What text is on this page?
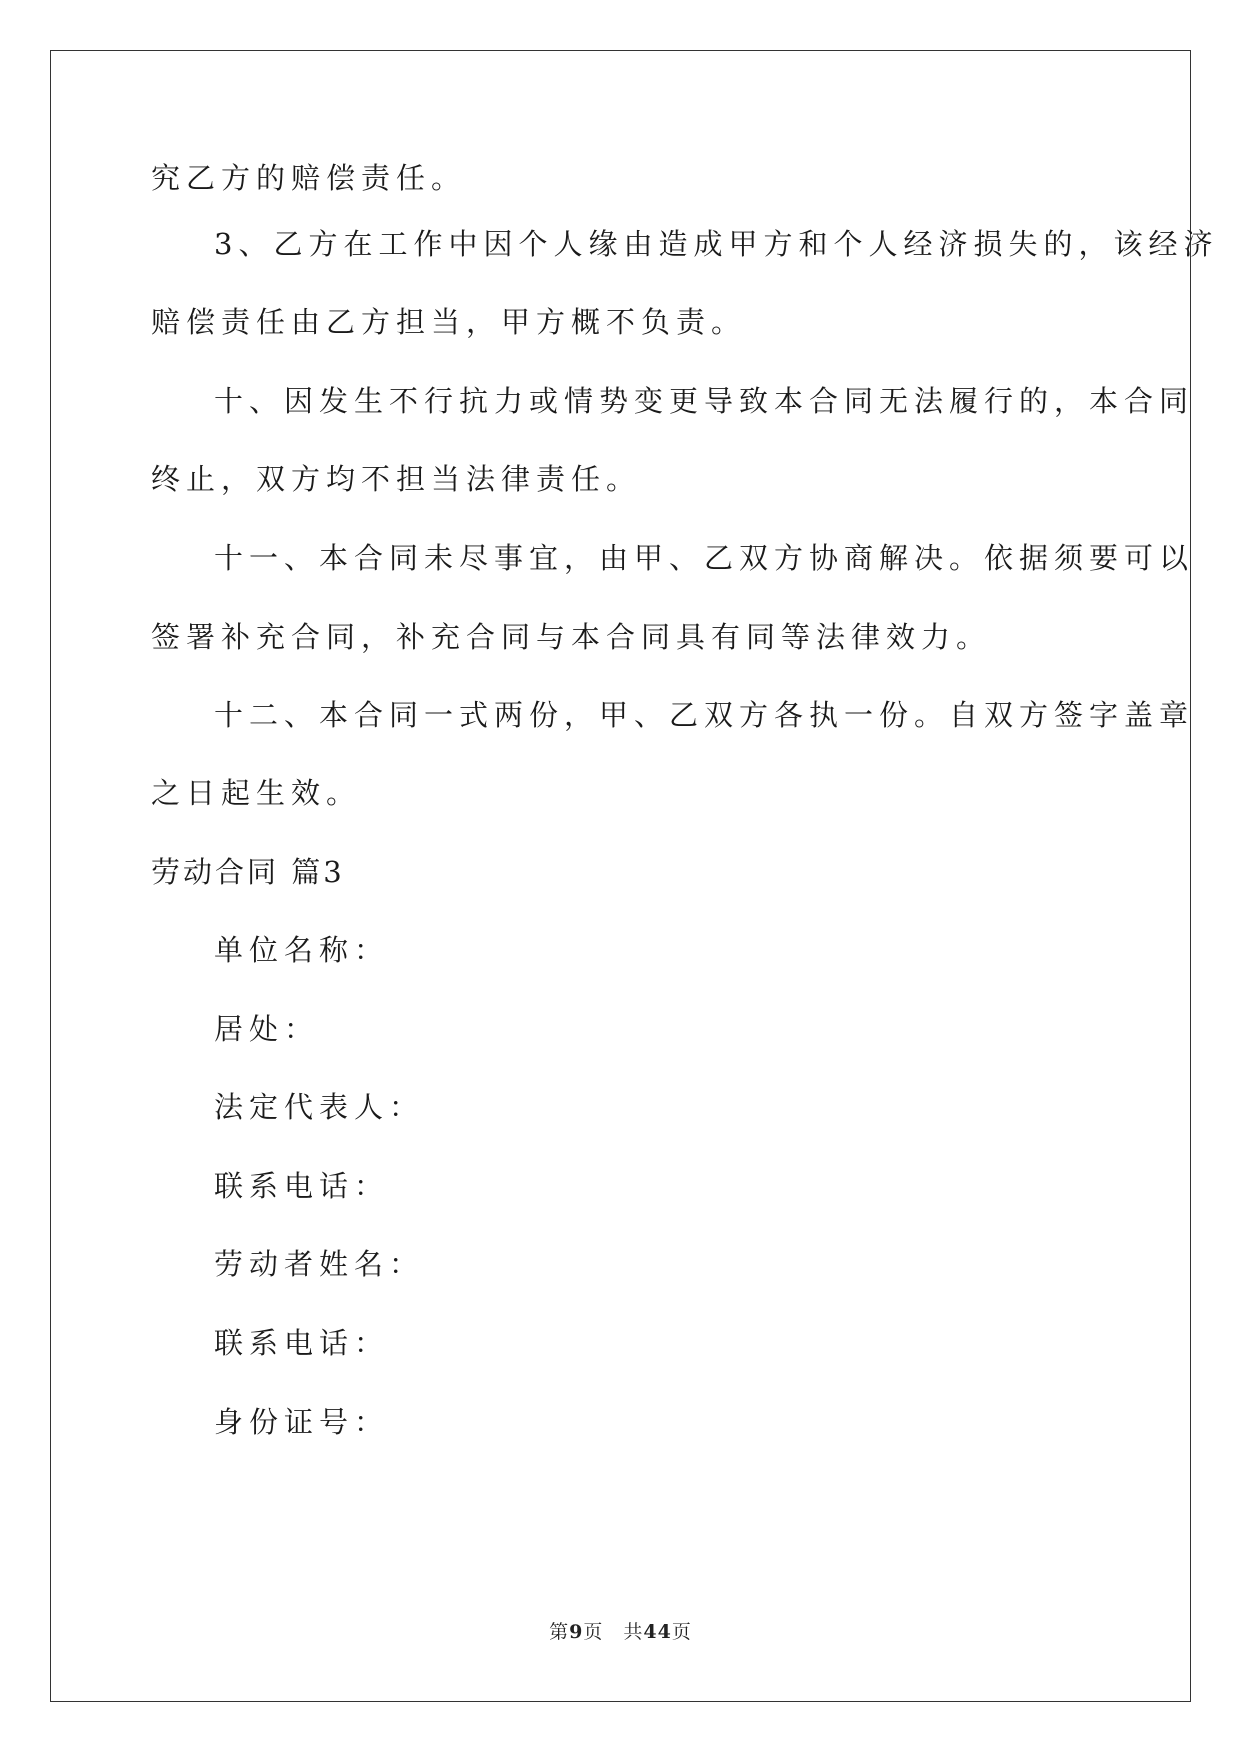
究乙方的赔偿责任。
3、乙方在工作中因个人缘由造成甲方和个人经济损失的，该经济
赔偿责任由乙方担当，甲方概不负责。
十、因发生不行抗力或情势变更导致本合同无法履行的，本合同
终止，双方均不担当法律责任。
十一、本合同未尽事宜，由甲、乙双方协商解决。依据须要可以
签署补充合同，补充合同与本合同具有同等法律效力。
十二、本合同一式两份，甲、乙双方各执一份。自双方签字盖章
之日起生效。
劳动合同 篇3
单位名称：
居处：
法定代表人：
联系电话：
劳动者姓名：
联系电话：
身份证号：
第9页　共44页
